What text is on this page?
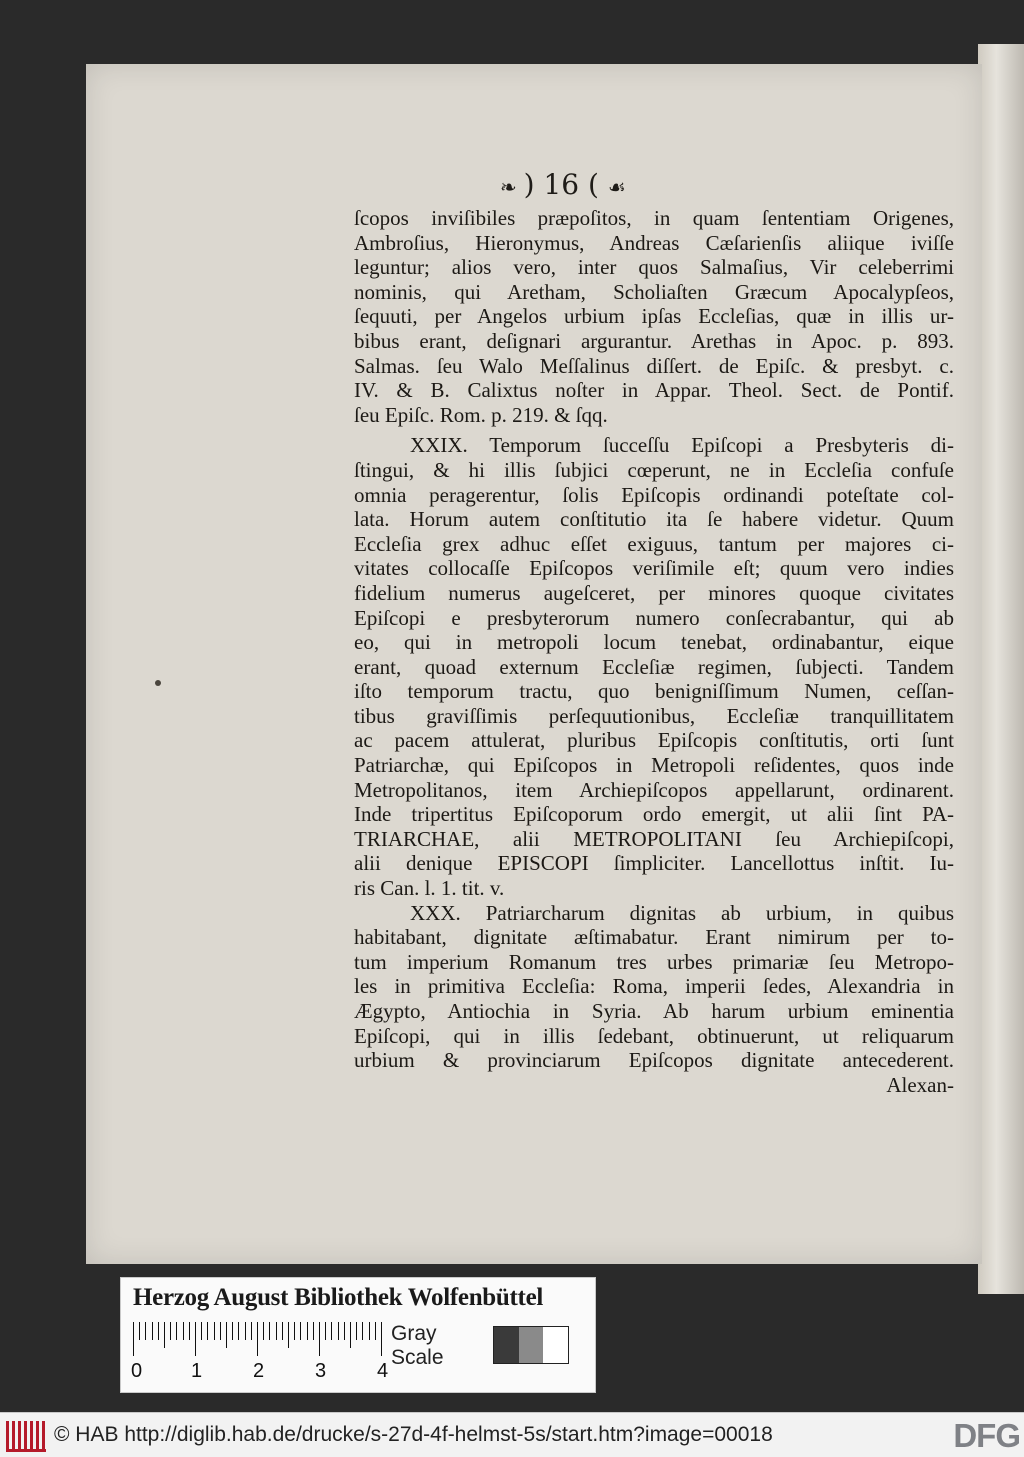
❧ ) 16 ( ☙
ſcopos inviſibiles præpoſitos, in quam ſententiam Origenes,
Ambroſius, Hieronymus, Andreas Cæſarienſis aliique iviſſe
leguntur; alios vero, inter quos Salmaſius, Vir celeberrimi
nominis, qui Aretham, Scholiaſten Græcum Apocalypſeos,
ſequuti, per Angelos urbium ipſas Eccleſias, quæ in illis ur-
bibus erant, deſignari argurantur. Arethas in Apoc. p. 893.
Salmas. ſeu Walo Meſſalinus diſſert. de Epiſc. & presbyt. c.
IV. & B. Calixtus noſter in Appar. Theol. Sect. de Pontif.
ſeu Epiſc. Rom. p. 219. & ſqq.
XXIX. Temporum ſucceſſu Epiſcopi a Presbyteris di-
ſtingui, & hi illis ſubjici cœperunt, ne in Eccleſia confuſe
omnia peragerentur, ſolis Epiſcopis ordinandi poteſtate col-
lata. Horum autem conſtitutio ita ſe habere videtur. Quum
Eccleſia grex adhuc eſſet exiguus, tantum per majores ci-
vitates collocaſſe Epiſcopos veriſimile eſt; quum vero indies
fidelium numerus augeſceret, per minores quoque civitates
Epiſcopi e presbyterorum numero conſecrabantur, qui ab
eo, qui in metropoli locum tenebat, ordinabantur, eique
erant, quoad externum Eccleſiæ regimen, ſubjecti. Tandem
iſto temporum tractu, quo benigniſſimum Numen, ceſſan-
tibus graviſſimis perſequutionibus, Eccleſiæ tranquillitatem
ac pacem attulerat, pluribus Epiſcopis conſtitutis, orti ſunt
Patriarchæ, qui Epiſcopos in Metropoli reſidentes, quos inde
Metropolitanos, item Archiepiſcopos appellarunt, ordinarent.
Inde tripertitus Epiſcoporum ordo emergit, ut alii ſint PA-
TRIARCHAE, alii METROPOLITANI ſeu Archiepiſcopi,
alii denique EPISCOPI ſimpliciter. Lancellottus inſtit. Iu-
ris Can. l. 1. tit. v.
XXX. Patriarcharum dignitas ab urbium, in quibus
habitabant, dignitate æſtimabatur. Erant nimirum per to-
tum imperium Romanum tres urbes primariæ ſeu Metropo-
les in primitiva Eccleſia: Roma, imperii ſedes, Alexandria in
Ægypto, Antiochia in Syria. Ab harum urbium eminentia
Epiſcopi, qui in illis ſedebant, obtinuerunt, ut reliquarum
urbium & provinciarum Epiſcopos dignitate antecederent.
Alexan-
Herzog August Bibliothek Wolfenbüttel
0 1	2	3	4
Gray Scale
© HAB http://diglib.hab.de/drucke/s-27d-4f-helmst-5s/start.htm?image=00018	DFG
